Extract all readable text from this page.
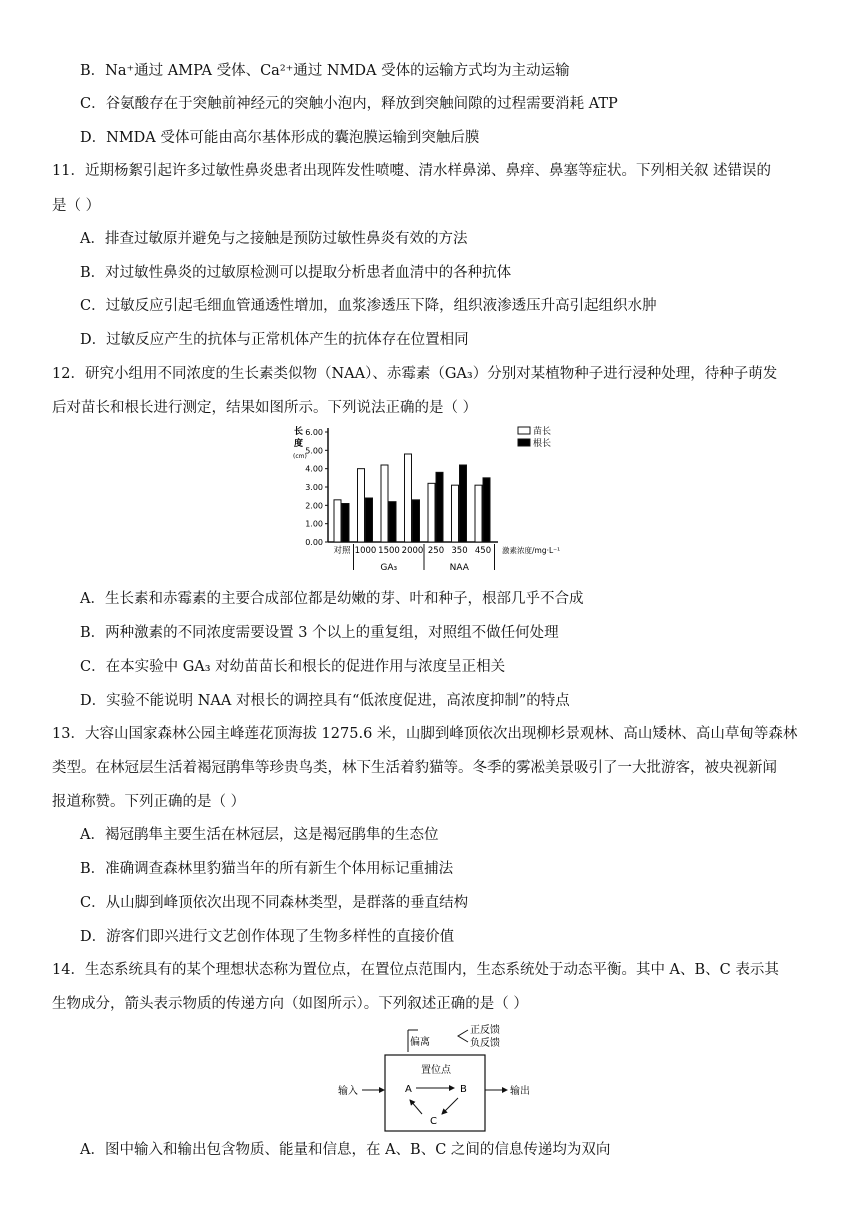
B．Na⁺通过 AMPA 受体、Ca²⁺通过 NMDA 受体的运输方式均为主动运输
C．谷氨酸存在于突触前神经元的突触小泡内，释放到突触间隙的过程需要消耗 ATP
D．NMDA 受体可能由高尔基体形成的囊泡膜运输到突触后膜
11．近期杨絮引起许多过敏性鼻炎患者出现阵发性喷嚏、清水样鼻涕、鼻痒、鼻塞等症状。下列相关叙 述错误的
是（ ）
A．排查过敏原并避免与之接触是预防过敏性鼻炎有效的方法
B．对过敏性鼻炎的过敏原检测可以提取分析患者血清中的各种抗体
C．过敏反应引起毛细血管通透性增加，血浆渗透压下降，组织液渗透压升高引起组织水肿
D．过敏反应产生的抗体与正常机体产生的抗体存在位置相同
12．研究小组用不同浓度的生长素类似物（NAA）、赤霉素（GA₃）分别对某植物种子进行浸种处理，待种子萌发
后对苗长和根长进行测定，结果如图所示。下列说法正确的是（ ）
A．生长素和赤霉素的主要合成部位都是幼嫩的芽、叶和种子，根部几乎不合成
B．两种激素的不同浓度需要设置 3 个以上的重复组，对照组不做任何处理
C．在本实验中 GA₃ 对幼苗苗长和根长的促进作用与浓度呈正相关
D．实验不能说明 NAA 对根长的调控具有“低浓度促进，高浓度抑制”的特点
13．大容山国家森林公园主峰莲花顶海拔 1275.6 米，山脚到峰顶依次出现柳杉景观林、高山矮林、高山草甸等森林
类型。在林冠层生活着褐冠鹃隼等珍贵鸟类，林下生活着豹猫等。冬季的雾凇美景吸引了一大批游客，被央视新闻
报道称赞。下列正确的是（ ）
A．褐冠鹃隼主要生活在林冠层，这是褐冠鹃隼的生态位
B．准确调查森林里豹猫当年的所有新生个体用标记重捕法
C．从山脚到峰顶依次出现不同森林类型，是群落的垂直结构
D．游客们即兴进行文艺创作体现了生物多样性的直接价值
14．生态系统具有的某个理想状态称为置位点，在置位点范围内，生态系统处于动态平衡。其中 A、B、C 表示其
生物成分，箭头表示物质的传递方向（如图所示）。下列叙述正确的是（ ）
A．图中输入和输出包含物质、能量和信息，在 A、B、C 之间的信息传递均为双向
长
度
(cm)
0.00
1.00
2.00
3.00
4.00
5.00
6.00
对照 1000 1500 2000 250 350 450 激素浓度/mg·L⁻¹
GA₃	NAA
苗长
根长
偏离
正反馈
负反馈
置位点
输入	输出
A	B
C
